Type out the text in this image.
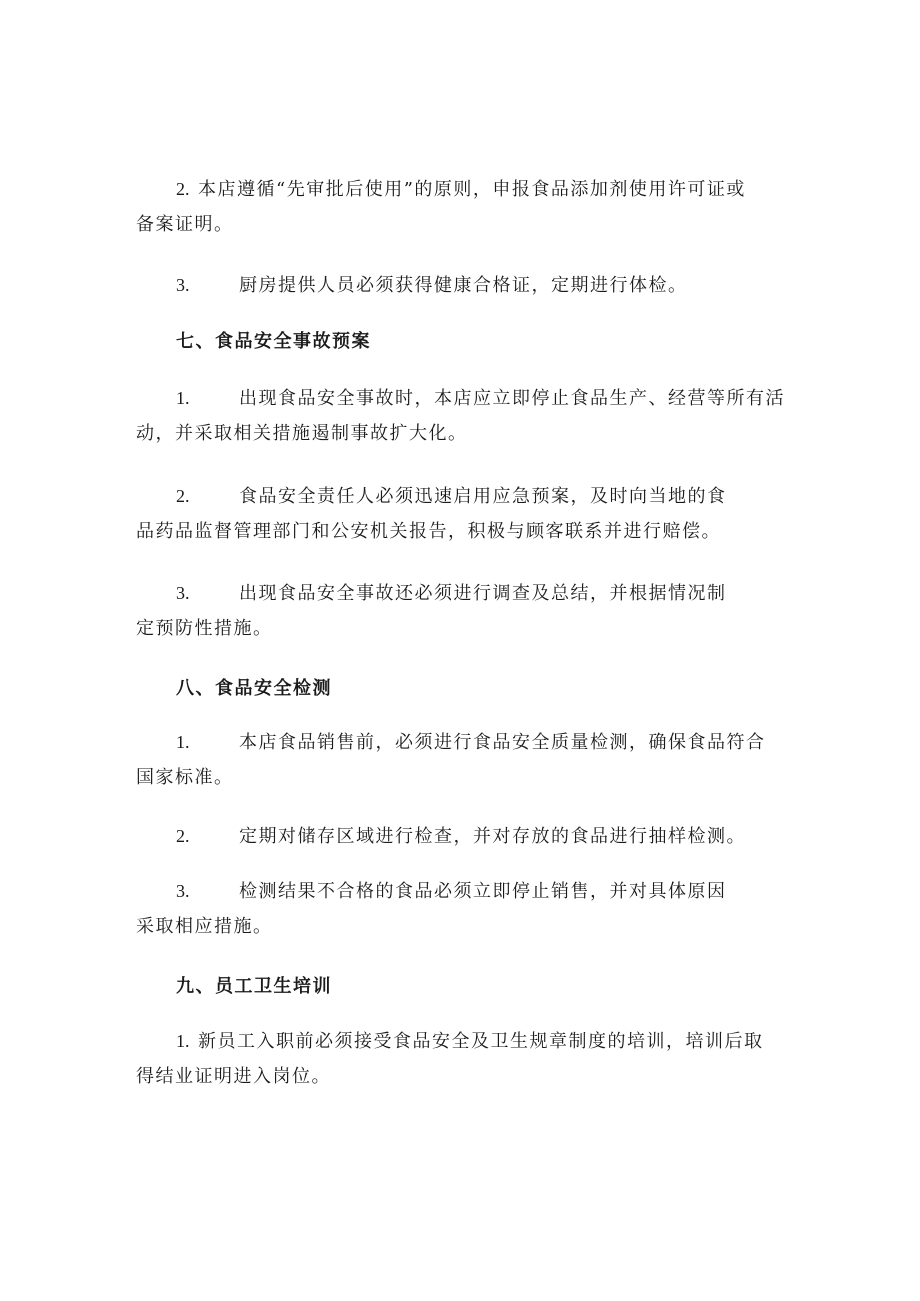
2. 本店遵循“先审批后使用”的原则，申报食品添加剂使用许可证或
备案证明。
3.	厨房提供人员必须获得健康合格证，定期进行体检。
七、食品安全事故预案
1.	出现食品安全事故时，本店应立即停止食品生产、经营等所有活
动，并采取相关措施遏制事故扩大化。
2.	食品安全责任人必须迅速启用应急预案，及时向当地的食
品药品监督管理部门和公安机关报告，积极与顾客联系并进行赔偿。
3.	出现食品安全事故还必须进行调查及总结，并根据情况制
定预防性措施。
八、食品安全检测
1.	本店食品销售前，必须进行食品安全质量检测，确保食品符合
国家标准。
2.	定期对储存区域进行检查，并对存放的食品进行抽样检测。
3.	检测结果不合格的食品必须立即停止销售，并对具体原因
采取相应措施。
九、员工卫生培训
1. 新员工入职前必须接受食品安全及卫生规章制度的培训，培训后取
得结业证明进入岗位。
